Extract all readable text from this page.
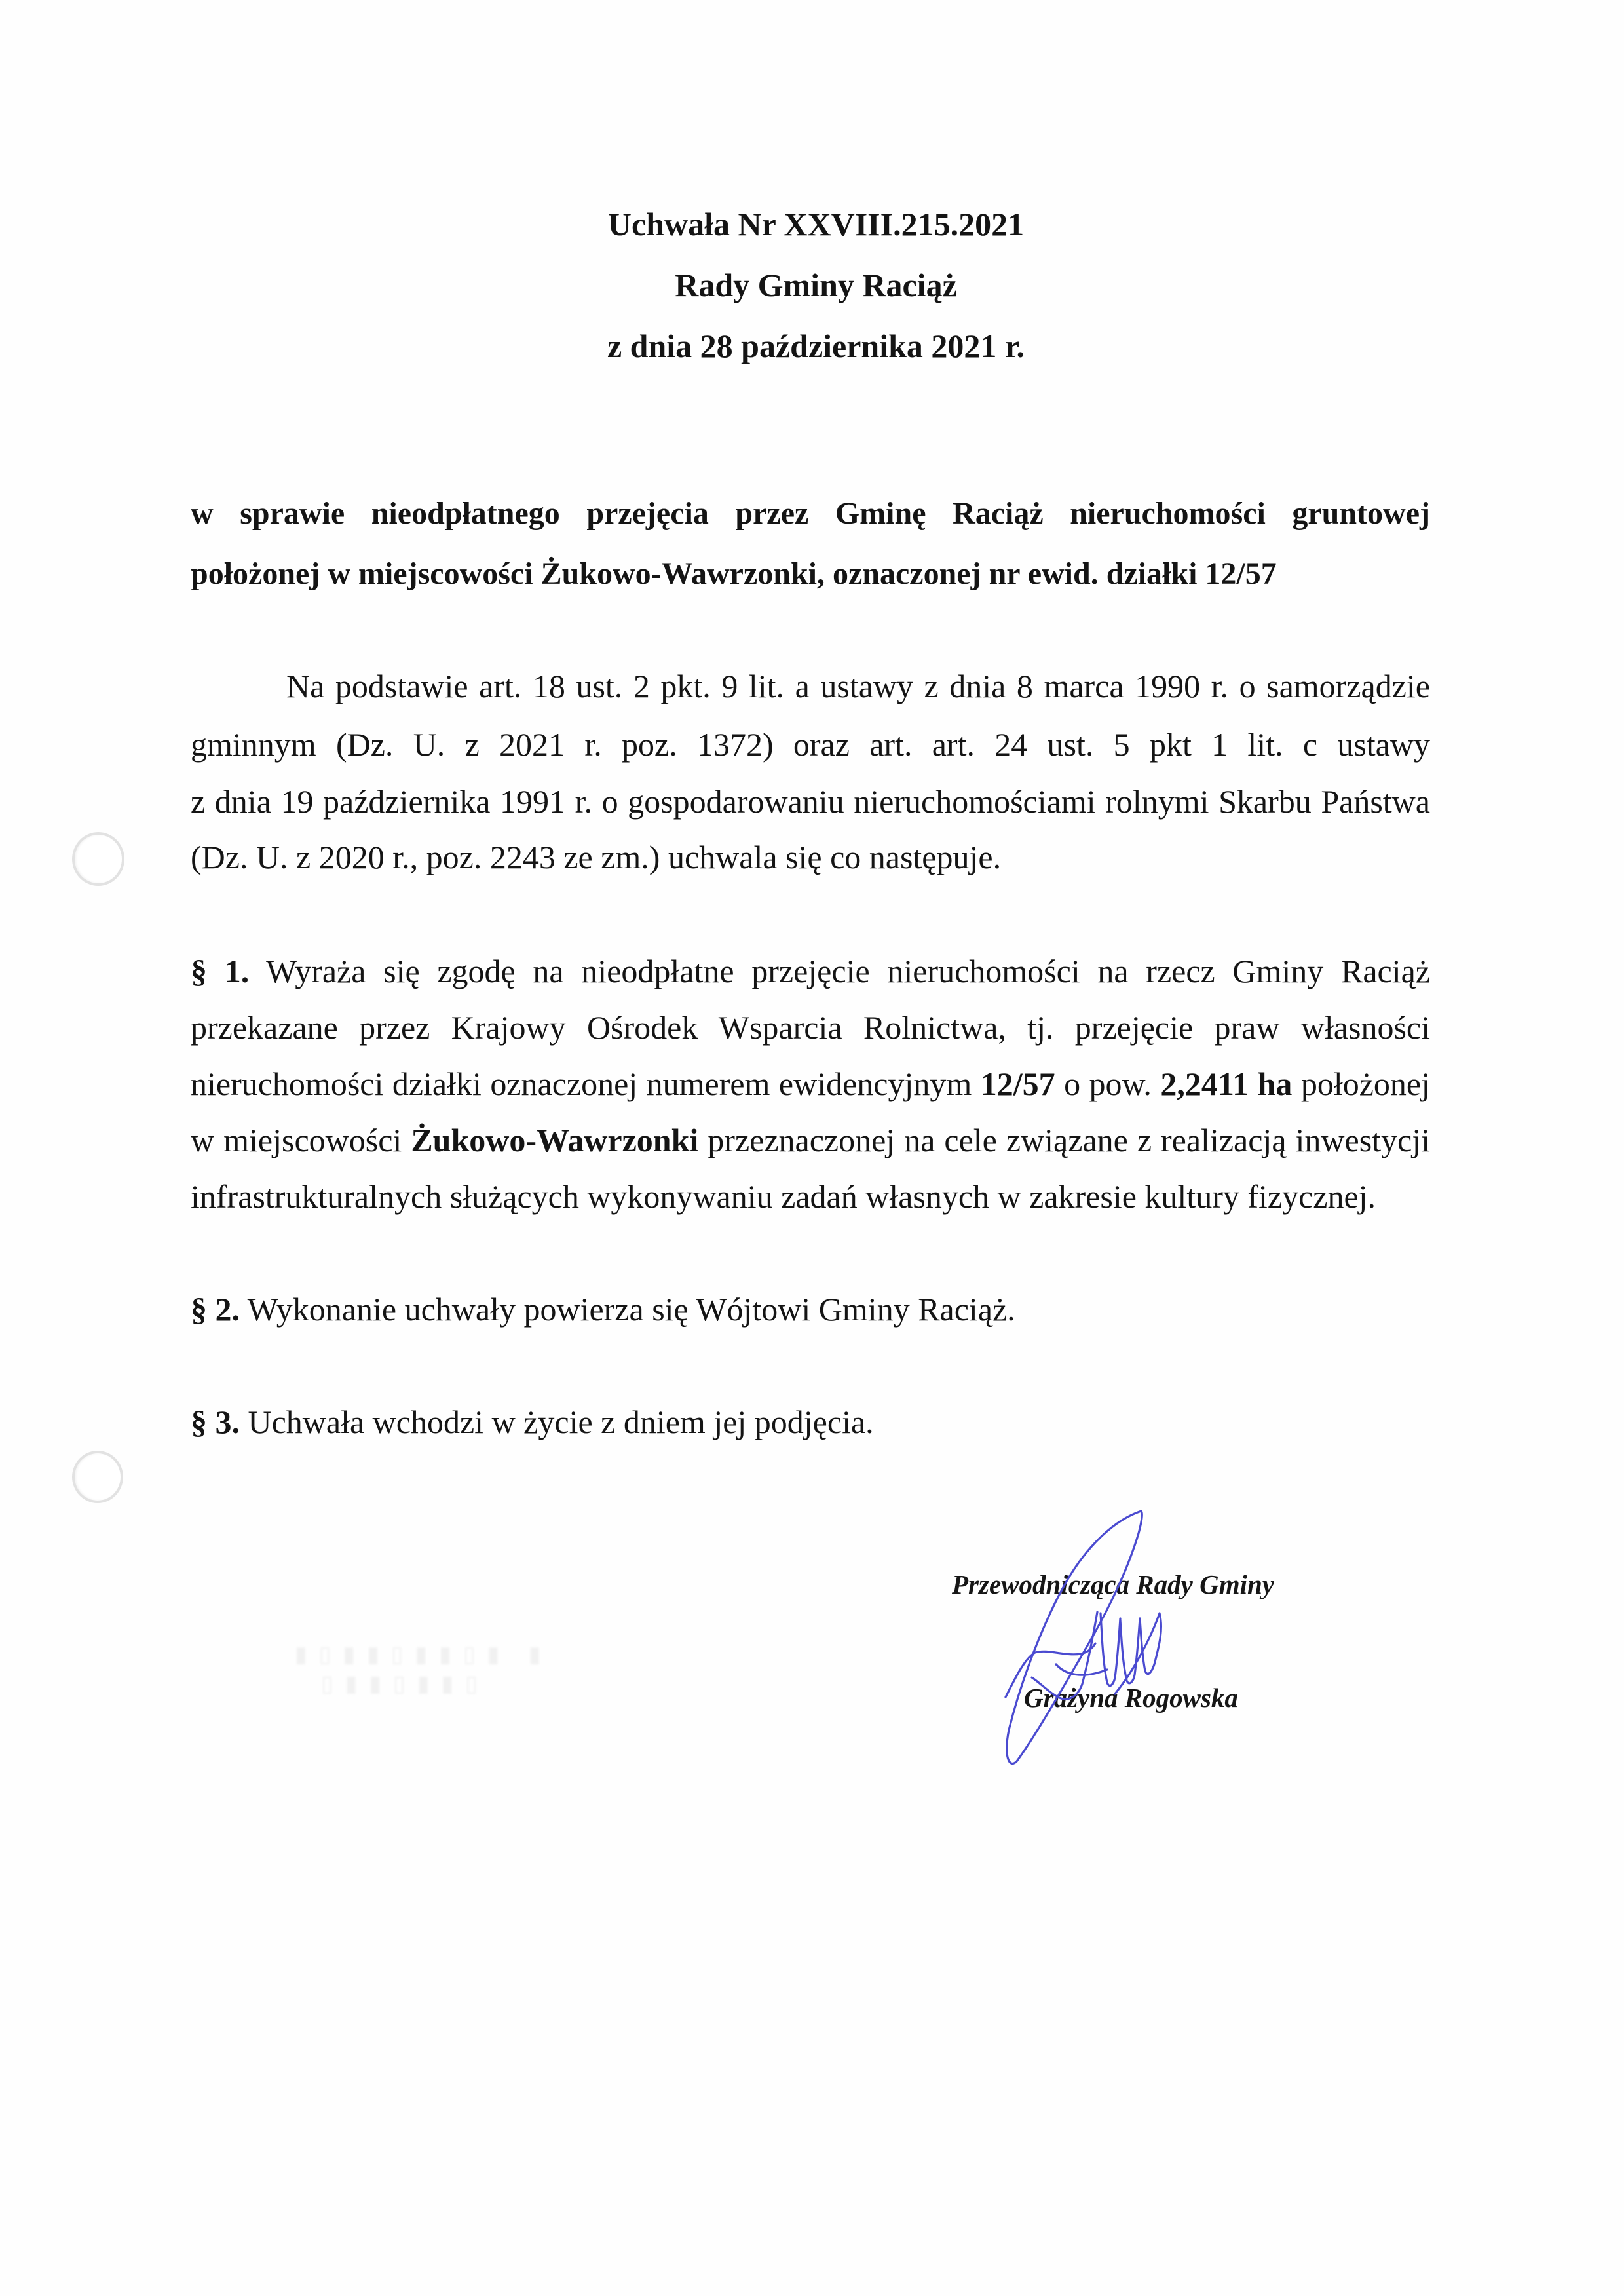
▮▯▮▮▯▮▮▯▮ ▮
▯▮▮▯▮▮▯
Uchwała Nr XXVIII.215.2021
Rady Gminy Raciąż
z dnia 28 października 2021 r.
w sprawie nieodpłatnego przejęcia przez Gminę Raciąż nieruchomości gruntowej
położonej w miejscowości Żukowo-Wawrzonki, oznaczonej nr ewid. działki 12/57
Na podstawie art. 18 ust. 2 pkt. 9 lit. a ustawy z dnia 8 marca 1990 r. o samorządzie
gminnym (Dz. U. z 2021 r. poz. 1372) oraz art. art. 24 ust. 5 pkt 1 lit. c ustawy
z dnia 19 października 1991 r. o gospodarowaniu nieruchomościami rolnymi Skarbu Państwa
(Dz. U. z 2020 r., poz. 2243 ze zm.) uchwala się co następuje.
§ 1. Wyraża się zgodę na nieodpłatne przejęcie nieruchomości na rzecz Gminy Raciąż
przekazane przez Krajowy Ośrodek Wsparcia Rolnictwa, tj. przejęcie praw własności
nieruchomości działki oznaczonej numerem ewidencyjnym 12/57 o pow. 2,2411 ha położonej
w miejscowości Żukowo-Wawrzonki przeznaczonej na cele związane z realizacją inwestycji
infrastrukturalnych służących wykonywaniu zadań własnych w zakresie kultury fizycznej.
§ 2. Wykonanie uchwały powierza się Wójtowi Gminy Raciąż.
§ 3. Uchwała wchodzi w życie z dniem jej podjęcia.
Przewodnicząca Rady Gminy
Grażyna Rogowska
